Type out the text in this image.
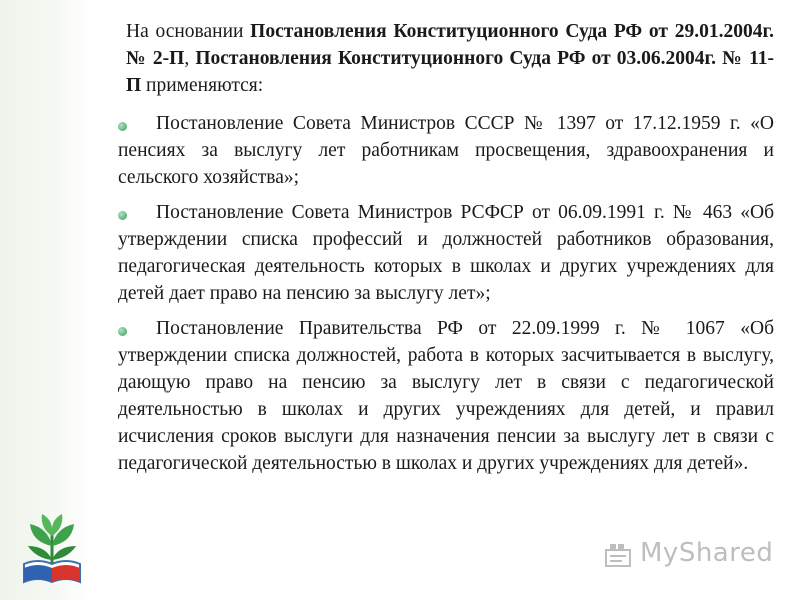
На основании Постановления Конституционного Суда РФ от 29.01.2004г. № 2-П, Постановления Конституционного Суда РФ от 03.06.2004г. № 11-П применяются:
Постановление Совета Министров СССР № 1397 от 17.12.1959 г. «О пенсиях за выслугу лет работникам просвещения, здравоохранения и сельского хозяйства»;
Постановление Совета Министров РСФСР от 06.09.1991 г. № 463 «Об утверждении списка профессий и должностей работников образования, педагогическая деятельность которых в школах и других учреждениях для детей дает право на пенсию за выслугу лет»;
Постановление Правительства РФ от 22.09.1999 г. № 1067 «Об утверждении списка должностей, работа в которых засчитывается в выслугу, дающую право на пенсию за выслугу лет в связи с педагогической деятельностью в школах и других учреждениях для детей, и правил исчисления сроков выслуги для назначения пенсии за выслугу лет в связи с педагогической деятельностью в школах и других учреждениях для детей».
MyShared
